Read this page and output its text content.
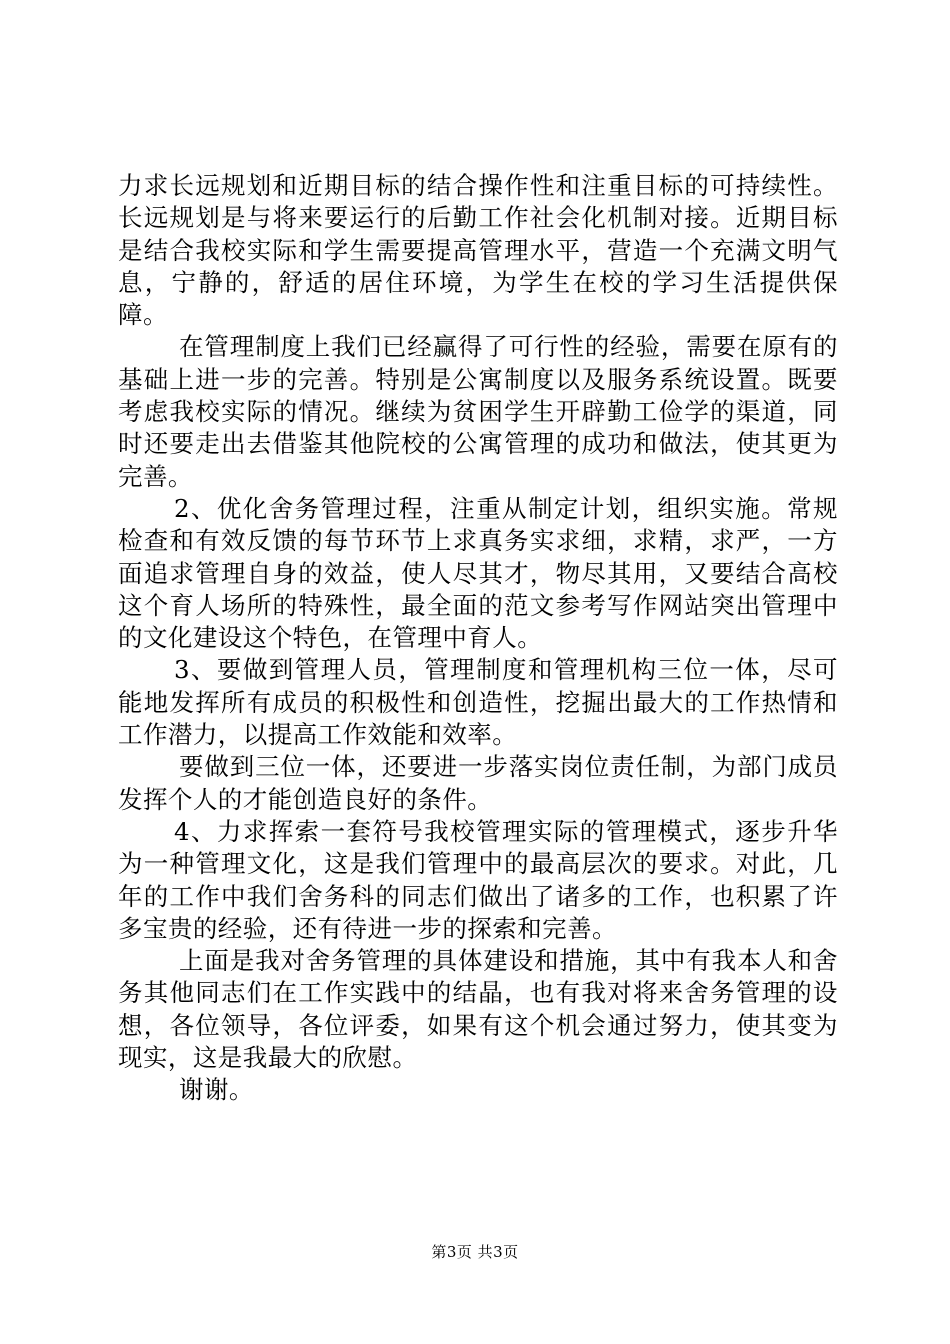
力求长远规划和近期目标的结合操作性和注重目标的可持续性。长远规划是与将来要运行的后勤工作社会化机制对接。近期目标是结合我校实际和学生需要提高管理水平，营造一个充满文明气息，宁静的，舒适的居住环境，为学生在校的学习生活提供保障。

在管理制度上我们已经赢得了可行性的经验，需要在原有的基础上进一步的完善。特别是公寓制度以及服务系统设置。既要考虑我校实际的情况。继续为贫困学生开辟勤工俭学的渠道，同时还要走出去借鉴其他院校的公寓管理的成功和做法，使其更为完善。

2、优化舍务管理过程，注重从制定计划，组织实施。常规检查和有效反馈的每节环节上求真务实求细，求精，求严，一方面追求管理自身的效益，使人尽其才，物尽其用，又要结合高校这个育人场所的特殊性，最全面的范文参考写作网站突出管理中的文化建设这个特色，在管理中育人。

3、要做到管理人员，管理制度和管理机构三位一体，尽可能地发挥所有成员的积极性和创造性，挖掘出最大的工作热情和工作潜力，以提高工作效能和效率。

要做到三位一体，还要进一步落实岗位责任制，为部门成员发挥个人的才能创造良好的条件。

4、力求挥索一套符号我校管理实际的管理模式，逐步升华为一种管理文化，这是我们管理中的最高层次的要求。对此，几年的工作中我们舍务科的同志们做出了诸多的工作，也积累了许多宝贵的经验，还有待进一步的探索和完善。

上面是我对舍务管理的具体建设和措施，其中有我本人和舍务其他同志们在工作实践中的结晶，也有我对将来舍务管理的设想，各位领导，各位评委，如果有这个机会通过努力，使其变为现实，这是我最大的欣慰。

谢谢。

第3页 共3页
